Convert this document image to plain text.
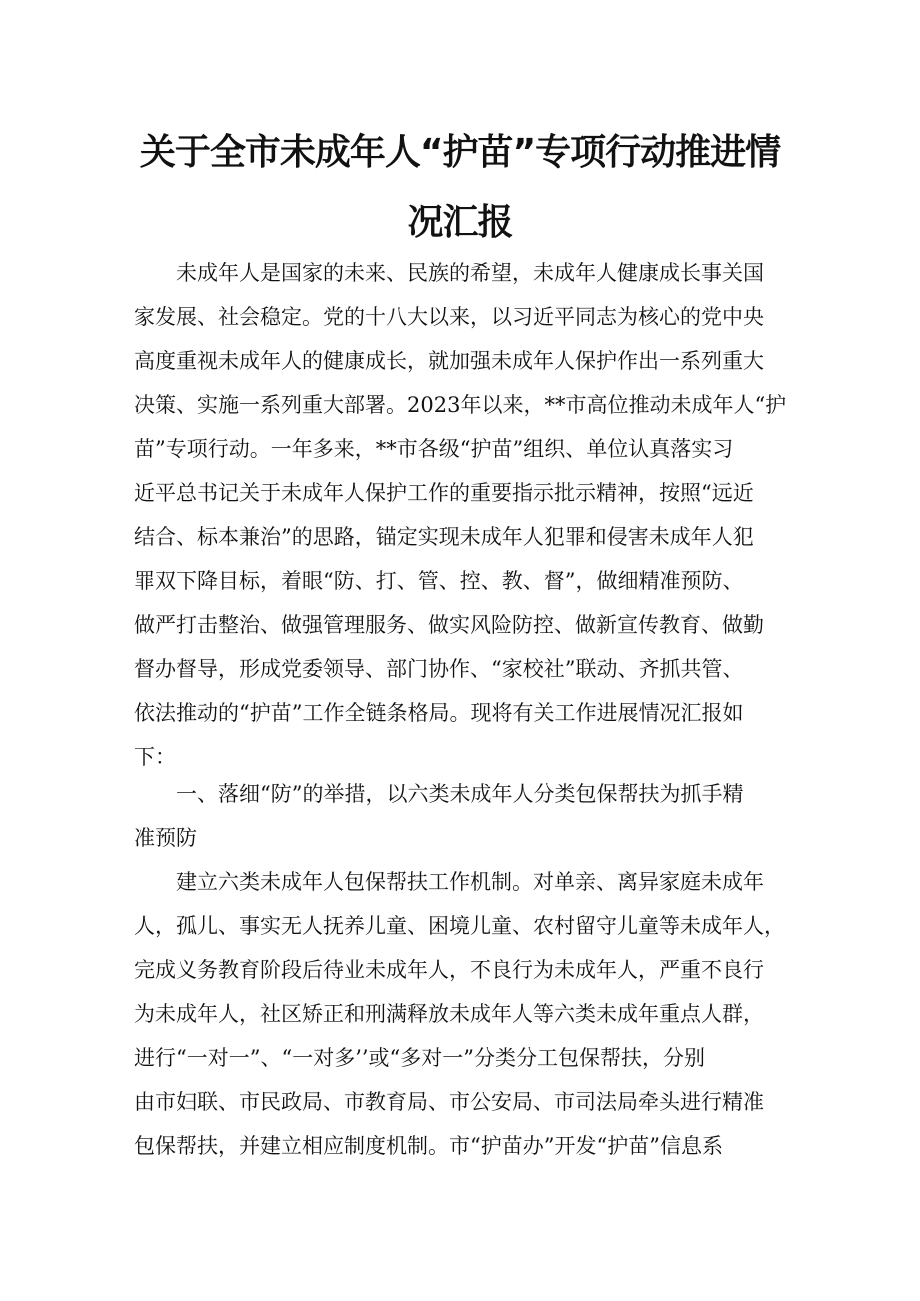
关于全市未成年人“护苗”专项行动推进情
况汇报
未成年人是国家的未来、民族的希望，未成年人健康成长事关国
家发展、社会稳定。党的十八大以来，以习近平同志为核心的党中央
高度重视未成年人的健康成长，就加强未成年人保护作出一系列重大
决策、实施一系列重大部署。2023年以来，**市高位推动未成年人“护
苗”专项行动。一年多来，**市各级“护苗”组织、单位认真落实习
近平总书记关于未成年人保护工作的重要指示批示精神，按照“远近
结合、标本兼治”的思路，锚定实现未成年人犯罪和侵害未成年人犯
罪双下降目标，着眼“防、打、管、控、教、督”，做细精准预防、
做严打击整治、做强管理服务、做实风险防控、做新宣传教育、做勤
督办督导，形成党委领导、部门协作、“家校社”联动、齐抓共管、
依法推动的“护苗”工作全链条格局。现将有关工作进展情况汇报如
下：
一、落细“防”的举措，以六类未成年人分类包保帮扶为抓手精
准预防
建立六类未成年人包保帮扶工作机制。对单亲、离异家庭未成年
人，孤儿、事实无人抚养儿童、困境儿童、农村留守儿童等未成年人，
完成义务教育阶段后待业未成年人，不良行为未成年人，严重不良行
为未成年人，社区矫正和刑满释放未成年人等六类未成年重点人群，
进行“一对一”、“一对多’’或“多对一”分类分工包保帮扶，分别
由市妇联、市民政局、市教育局、市公安局、市司法局牵头进行精准
包保帮扶，并建立相应制度机制。市“护苗办”开发“护苗”信息系
